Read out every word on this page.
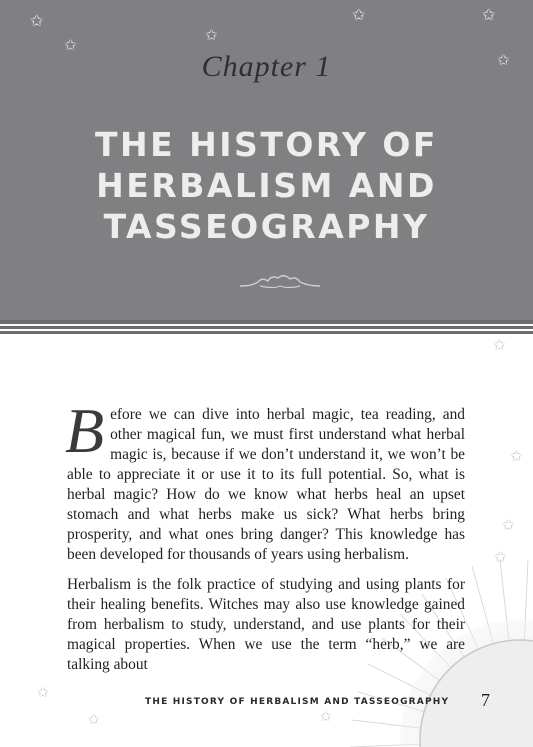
✩
✩
✩
✩	✩
✩
Chapter 1
THE HISTORY OF
HERBALISM AND
TASSEOGRAPHY
✩
✩
✩
✩
✩
✩	✩

Before we can dive into herbal magic, tea reading, and other magical fun, we must first understand what herbal magic is, because if we don’t understand it, we won’t be able to appreciate it or use it to its full potential. So, what is herbal magic? How do we know what herbs heal an upset stomach and what herbs make us sick? What herbs bring prosperity, and what ones bring danger? This knowledge has been developed for thousands of years using herbalism.

Herbalism is the folk practice of studying and using plants for their healing benefits. Witches may also use knowledge gained from herbalism to study, understand, and use plants for their magical properties. When we use the term “herb,” we are talking about

THE HISTORY OF HERBALISM AND TASSEOGRAPHY 7
